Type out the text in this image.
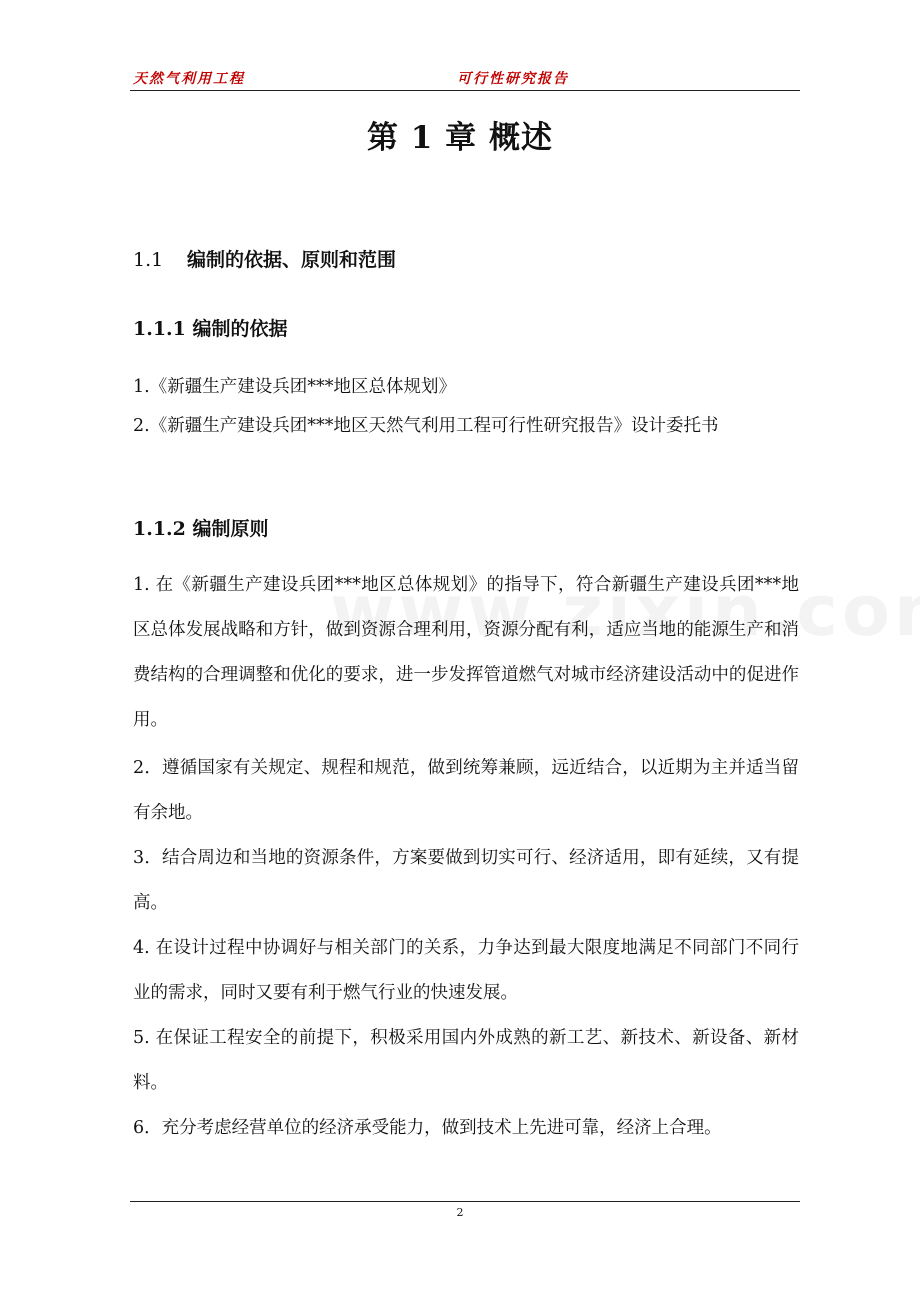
天然气利用工程	可行性研究报告
第 1 章 概述
1.1 编制的依据、原则和范围
1.1.1 编制的依据

1.《新疆生产建设兵团***地区总体规划》

2.《新疆生产建设兵团***地区天然气利用工程可行性研究报告》设计委托书

1.1.2 编制原则

1. 在《新疆生产建设兵团***地区总体规划》的指导下，符合新疆生产建设兵团***地区总体发展战略和方针，做到资源合理利用，资源分配有利，适应当地的能源生产和消费结构的合理调整和优化的要求，进一步发挥管道燃气对城市经济建设活动中的促进作用。

2．遵循国家有关规定、规程和规范，做到统筹兼顾，远近结合，以近期为主并适当留有余地。

3．结合周边和当地的资源条件，方案要做到切实可行、经济适用，即有延续，又有提高。

4. 在设计过程中协调好与相关部门的关系，力争达到最大限度地满足不同部门不同行业的需求，同时又要有利于燃气行业的快速发展。

5. 在保证工程安全的前提下，积极采用国内外成熟的新工艺、新技术、新设备、新材料。

6．充分考虑经营单位的经济承受能力，做到技术上先进可靠，经济上合理。

2
